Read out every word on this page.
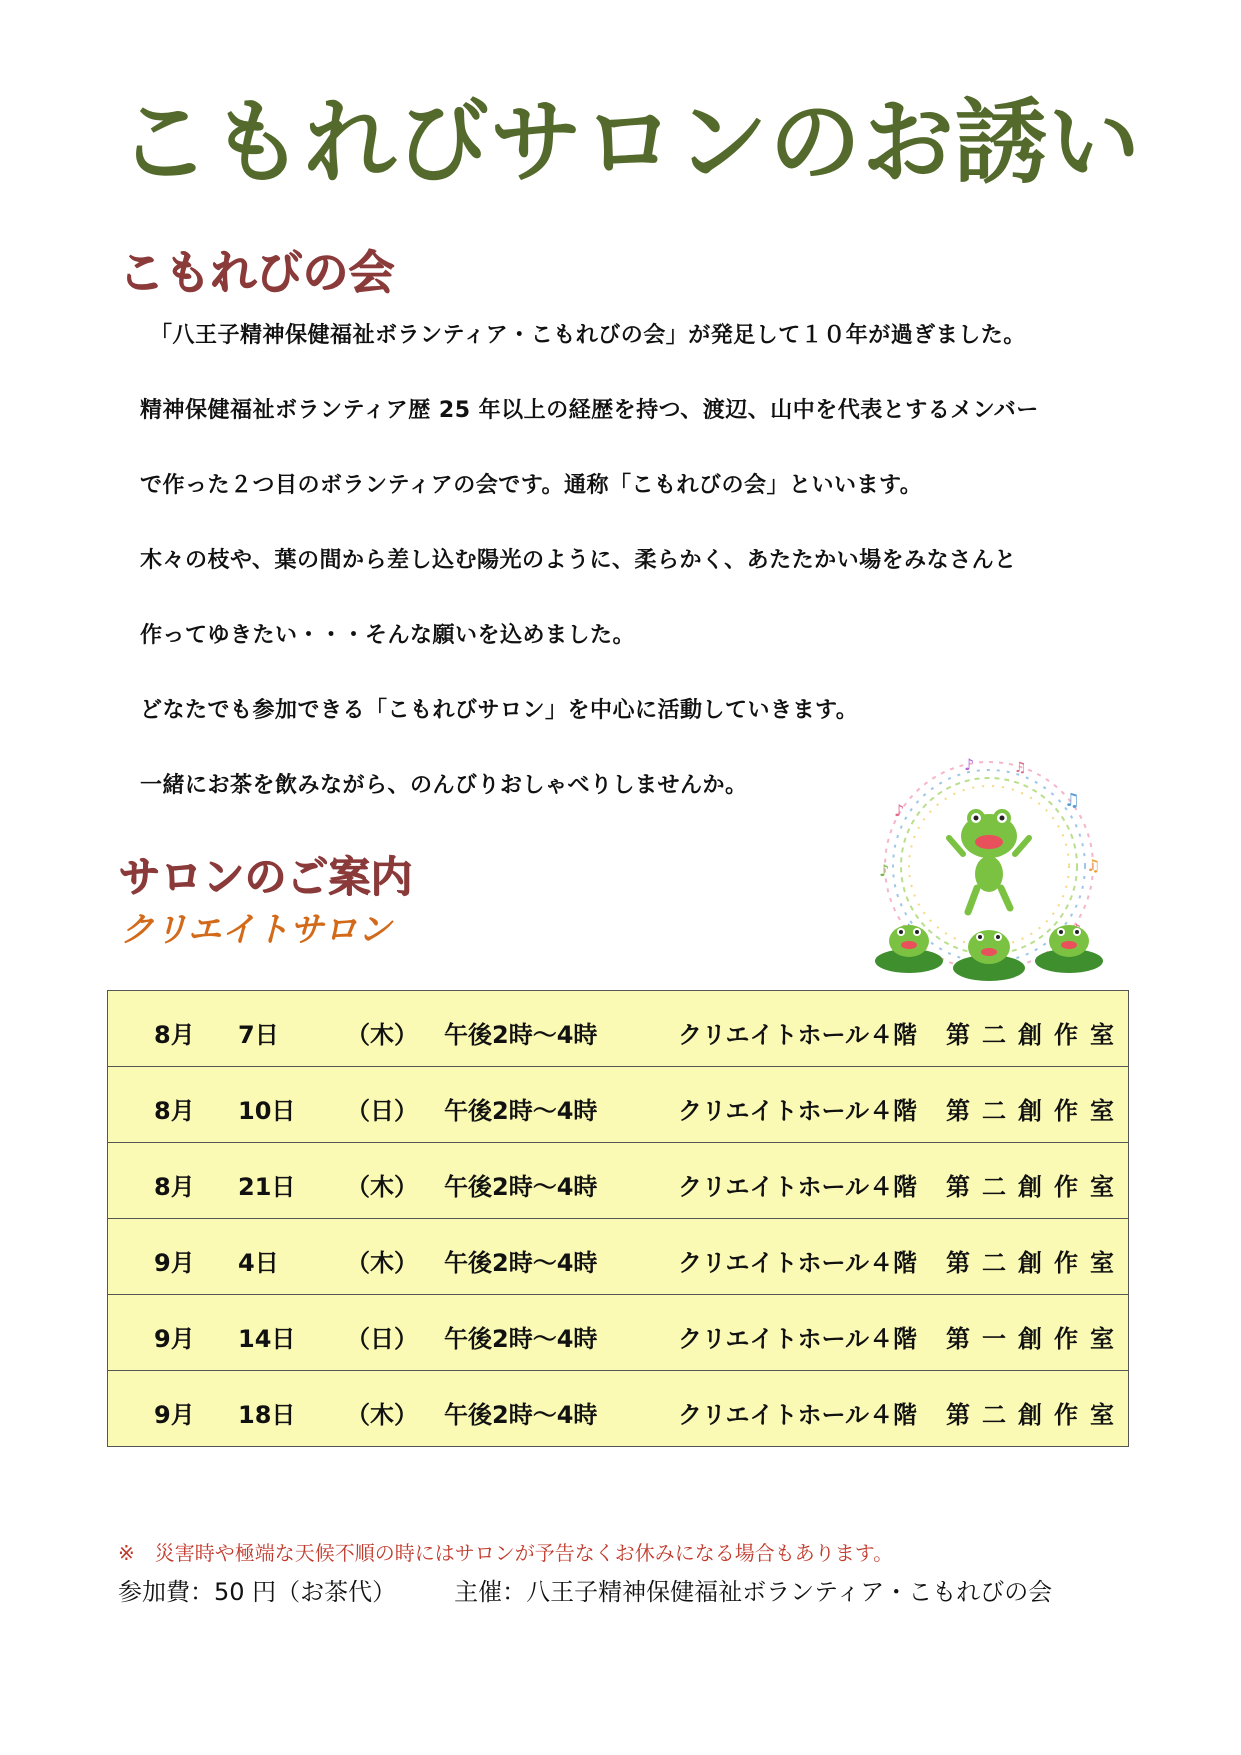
こもれびサロンのお誘い
こもれびの会

「八王子精神保健福祉ボランティア・こもれびの会」が発足して１０年が過ぎました。

精神保健福祉ボランティア歴 25 年以上の経歴を持つ、渡辺、山中を代表とするメンバー

で作った２つ目のボランティアの会です。通称「こもれびの会」といいます。

木々の枝や、葉の間から差し込む陽光のように、柔らかく、あたたかい場をみなさんと

作ってゆきたい・・・そんな願いを込めました。

どなたでも参加できる「こもれびサロン」を中心に活動していきます。

一緒にお茶を飲みながら、のんびりおしゃべりしませんか。

サロンのご案内
クリエイトサロン
♪	♫
♪	♫
♪	♫
8月 7日	（木） 午後2時～4時	クリエイトホール４階 第二創作室

8月 10日 （日） 午後2時～4時	クリエイトホール４階 第二創作室

8月 21日 （木） 午後2時～4時	クリエイトホール４階 第二創作室

9月 4日	（木） 午後2時～4時	クリエイトホール４階 第二創作室

9月 14日 （日） 午後2時～4時	クリエイトホール４階 第一創作室

9月 18日 （木） 午後2時～4時	クリエイトホール４階 第二創作室

※　災害時や極端な天候不順の時にはサロンが予告なくお休みになる場合もあります。

参加費：50 円（お茶代） 主催：八王子精神保健福祉ボランティア・こもれびの会
